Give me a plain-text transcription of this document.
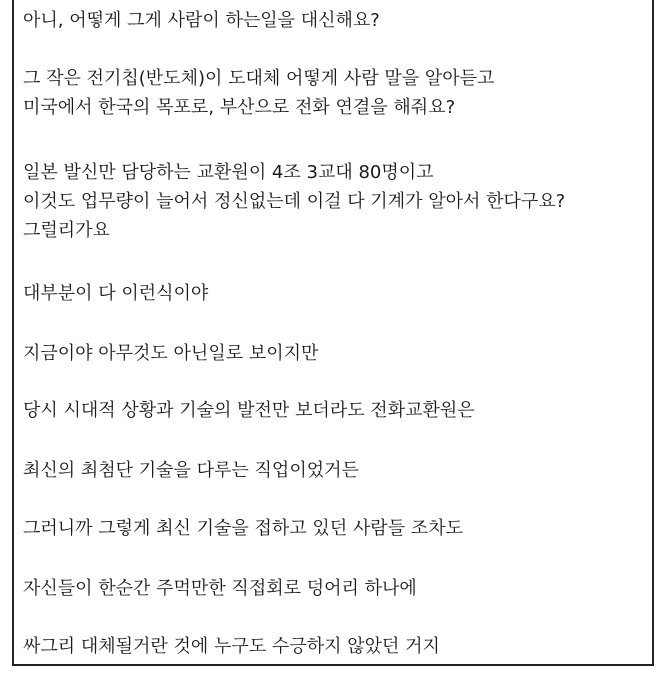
아니, 어떻게 그게 사람이 하는일을 대신해요?

그 작은 전기칩(반도체)이 도대체 어떻게 사람 말을 알아듣고
미국에서 한국의 목포로, 부산으로 전화 연결을 해줘요?

일본 발신만 담당하는 교환원이 4조 3교대 80명이고
이것도 업무량이 늘어서 정신없는데 이걸 다 기계가 알아서 한다구요?
그럴리가요

대부분이 다 이런식이야

지금이야 아무것도 아닌일로 보이지만

당시 시대적 상황과 기술의 발전만 보더라도 전화교환원은

최신의 최첨단 기술을 다루는 직업이었거든

그러니까 그렇게 최신 기술을 접하고 있던 사람들 조차도

자신들이 한순간 주먹만한 직접회로 덩어리 하나에

싸그리 대체될거란 것에 누구도 수긍하지 않았던 거지
